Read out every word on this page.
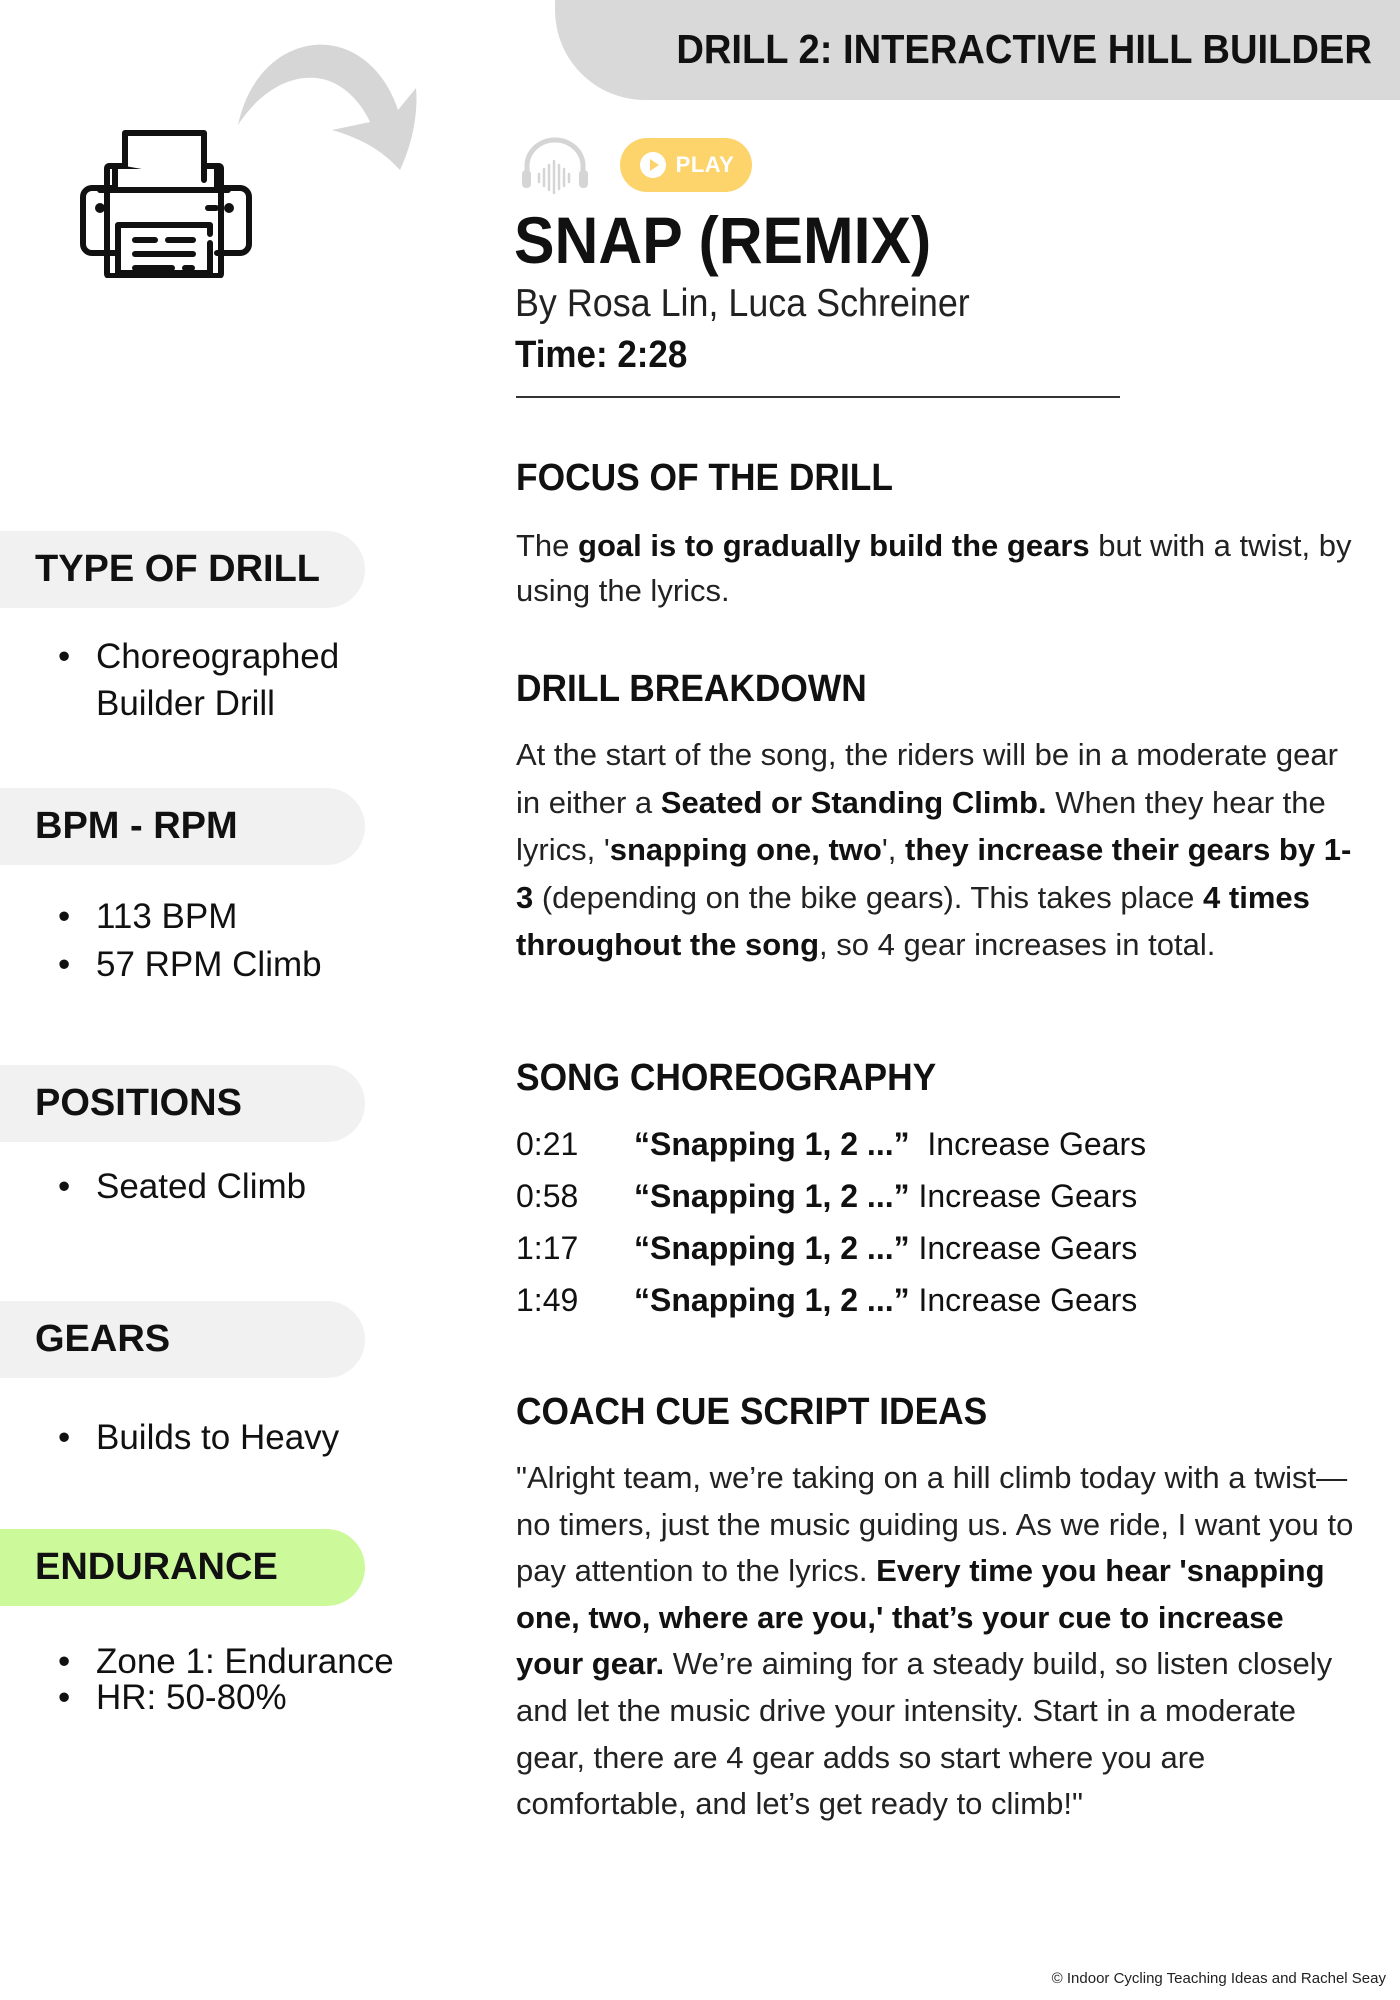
DRILL 2: INTERACTIVE HILL BUILDER
PLAY
SNAP (REMIX)
By Rosa Lin, Luca Schreiner
Time: 2:28
TYPE OF DRILL
• Choreographed
Builder Drill
BPM - RPM
• 113 BPM
• 57 RPM Climb
POSITIONS
• Seated Climb
GEARS
• Builds to Heavy
ENDURANCE
• Zone 1: Endurance
• HR: 50-80%
FOCUS OF THE DRILL
The goal is to gradually build the gears but with a twist, by using the lyrics.
DRILL BREAKDOWN
At the start of the song, the riders will be in a moderate gear in either a Seated or Standing Climb. When they hear the lyrics, 'snapping one, two', they increase their gears by 1-3 (depending on the bike gears). This takes place 4 times throughout the song, so 4 gear increases in total.
SONG CHOREOGRAPHY
0:21 “Snapping 1, 2 ...” Increase Gears
0:58 “Snapping 1, 2 ...” Increase Gears
1:17 “Snapping 1, 2 ...” Increase Gears
1:49 “Snapping 1, 2 ...” Increase Gears
COACH CUE SCRIPT IDEAS
"Alright team, we’re taking on a hill climb today with a twist—no timers, just the music guiding us. As we ride, I want you to pay attention to the lyrics. Every time you hear 'snapping one, two, where are you,' that’s your cue to increase your gear. We’re aiming for a steady build, so listen closely and let the music drive your intensity. Start in a moderate gear, there are 4 gear adds so start where you are comfortable, and let’s get ready to climb!"
© Indoor Cycling Teaching Ideas and Rachel Seay
